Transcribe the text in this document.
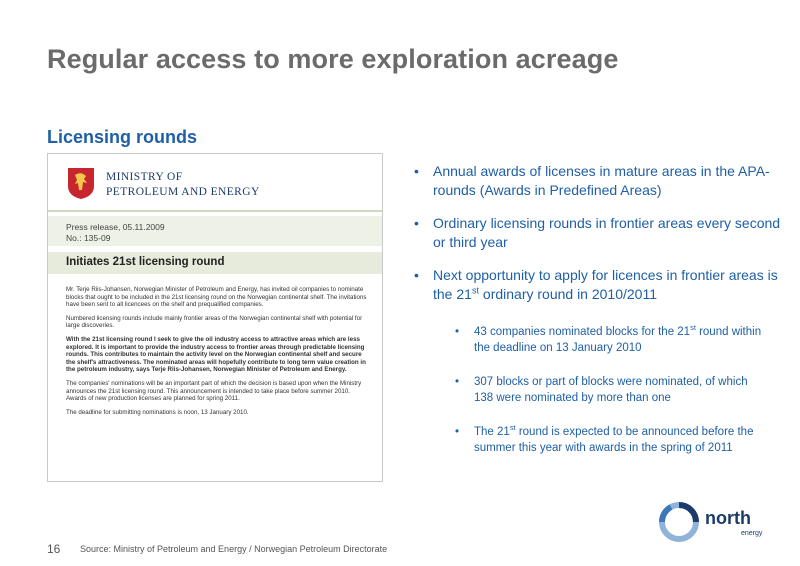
Regular access to more exploration acreage
Licensing rounds
MINISTRY OF
PETROLEUM AND ENERGY
Press release, 05.11.2009
No.: 135-09
Initiates 21st licensing round

Mr. Terje Riis-Johansen, Norwegian Minister of Petroleum and Energy, has invited oil companies to nominate blocks that ought to be included in the 21st licensing round on the Norwegian continental shelf. The invitations have been sent to all licencees on the shelf and prequalified companies.

Numbered licensing rounds include mainly frontier areas of the Norwegian continental shelf with potential for large discoveries.

With the 21st licensing round I seek to give the oil industry access to attractive areas which are less explored. It is important to provide the industry access to frontier areas through predictable licensing rounds. This contributes to maintain the activity level on the Norwegian continental shelf and secure the shelf's attractiveness. The nominated areas will hopefully contribute to long term value creation in the petroleum industry, says Terje Riis-Johansen, Norwegian Minister of Petroleum and Energy.

The companies' nominations will be an important part of which the decision is based upon when the Ministry announces the 21st licensing round. This announcement is intended to take place before summer 2010. Awards of new production licenses are planned for spring 2011.

The deadline for submitting nominations is noon, 13 January 2010.

• Annual awards of licenses in mature areas in the APA-rounds (Awards in Predefined Areas)
• Ordinary licensing rounds in frontier areas every second or third year
• Next opportunity to apply for licences in frontier areas is the 21st ordinary round in 2010/2011
• 43 companies nominated blocks for the 21st round within the deadline on 13 January 2010
• 307 blocks or part of blocks were nominated, of which 138 were nominated by more than one
• The 21st round is expected to be announced before the summer this year with awards in the spring of 2011
16 Source: Ministry of Petroleum and Energy / Norwegian Petroleum Directorate
north
energy
